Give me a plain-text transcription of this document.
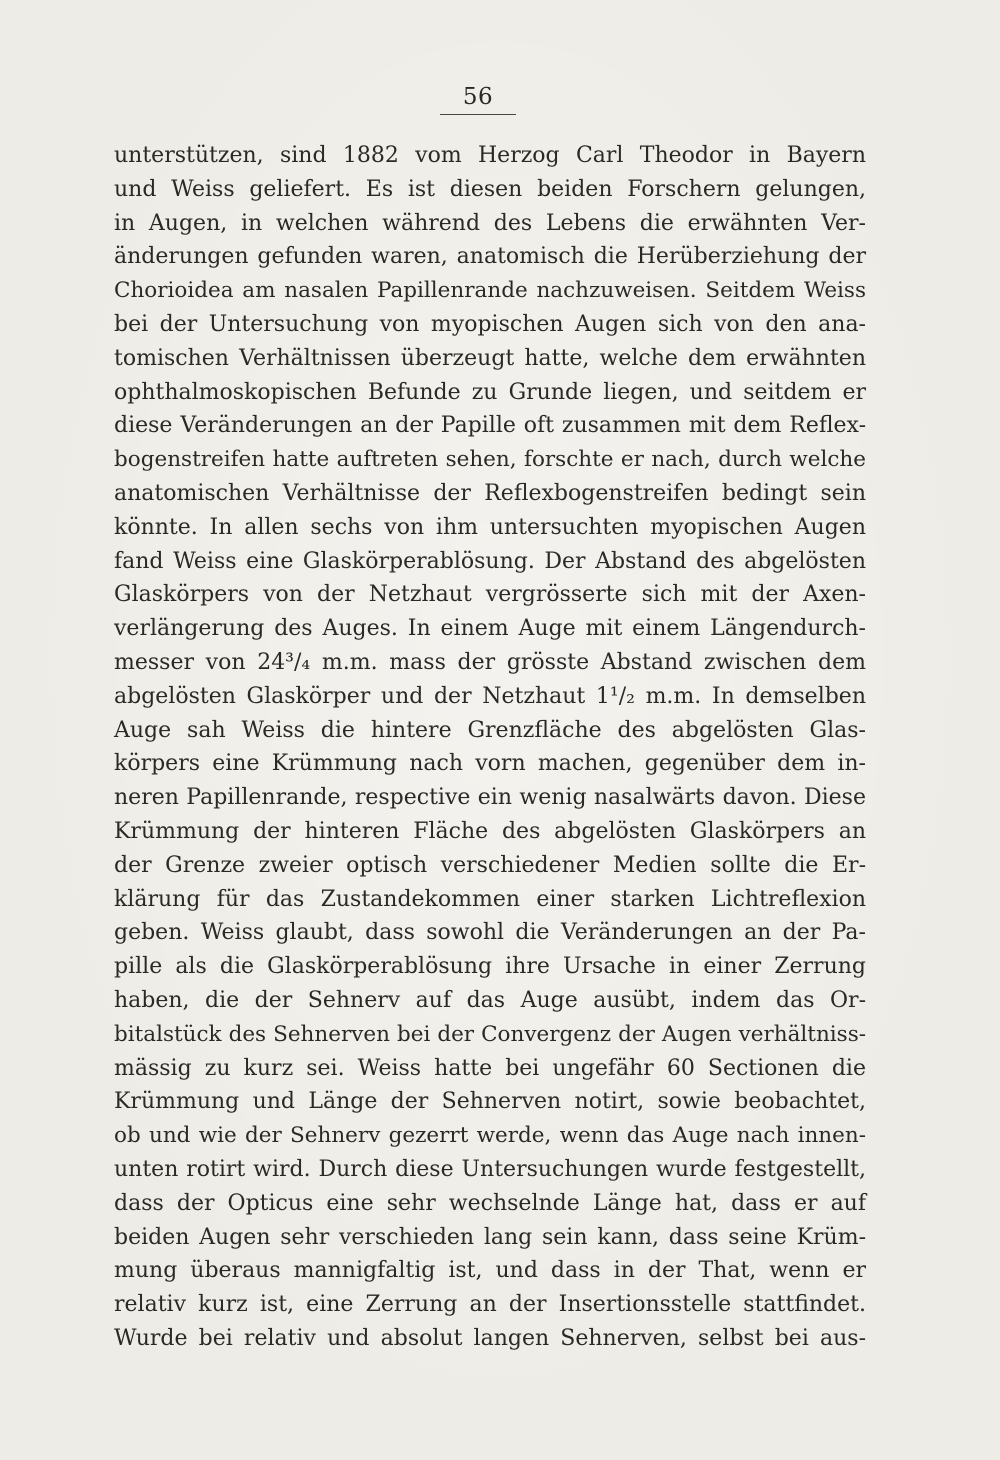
56
unterstützen, sind 1882 vom Herzog Carl Theodor in Bayern
und Weiss geliefert. Es ist diesen beiden Forschern gelungen,
in Augen, in welchen während des Lebens die erwähnten Ver-
änderungen gefunden waren, anatomisch die Herüberziehung der
Chorioidea am nasalen Papillenrande nachzuweisen. Seitdem Weiss
bei der Untersuchung von myopischen Augen sich von den ana-
tomischen Verhältnissen überzeugt hatte, welche dem erwähnten
ophthalmoskopischen Befunde zu Grunde liegen, und seitdem er
diese Veränderungen an der Papille oft zusammen mit dem Reflex-
bogenstreifen hatte auftreten sehen, forschte er nach, durch welche
anatomischen Verhältnisse der Reflexbogenstreifen bedingt sein
könnte. In allen sechs von ihm untersuchten myopischen Augen
fand Weiss eine Glaskörperablösung. Der Abstand des abgelösten
Glaskörpers von der Netzhaut vergrösserte sich mit der Axen-
verlängerung des Auges. In einem Auge mit einem Längendurch-
messer von 24³/₄ m.m. mass der grösste Abstand zwischen dem
abgelösten Glaskörper und der Netzhaut 1¹/₂ m.m. In demselben
Auge sah Weiss die hintere Grenzfläche des abgelösten Glas-
körpers eine Krümmung nach vorn machen, gegenüber dem in-
neren Papillenrande, respective ein wenig nasalwärts davon. Diese
Krümmung der hinteren Fläche des abgelösten Glaskörpers an
der Grenze zweier optisch verschiedener Medien sollte die Er-
klärung für das Zustandekommen einer starken Lichtreflexion
geben. Weiss glaubt, dass sowohl die Veränderungen an der Pa-
pille als die Glaskörperablösung ihre Ursache in einer Zerrung
haben, die der Sehnerv auf das Auge ausübt, indem das Or-
bitalstück des Sehnerven bei der Convergenz der Augen verhältniss-
mässig zu kurz sei. Weiss hatte bei ungefähr 60 Sectionen die
Krümmung und Länge der Sehnerven notirt, sowie beobachtet,
ob und wie der Sehnerv gezerrt werde, wenn das Auge nach innen-
unten rotirt wird. Durch diese Untersuchungen wurde festgestellt,
dass der Opticus eine sehr wechselnde Länge hat, dass er auf
beiden Augen sehr verschieden lang sein kann, dass seine Krüm-
mung überaus mannigfaltig ist, und dass in der That, wenn er
relativ kurz ist, eine Zerrung an der Insertionsstelle stattfindet.
Wurde bei relativ und absolut langen Sehnerven, selbst bei aus-
